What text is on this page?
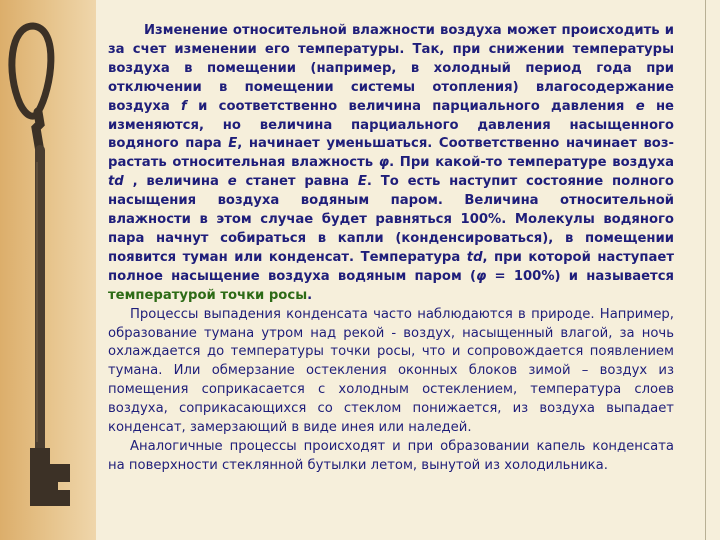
Изменение относительной влажности воздуха может происходить и за счет изменении его температуры. Так, при снижении температуры воздуха в помещении (например, в холодный период года при отключении в помещении системы отопления) влагосодержание воздуха f и соответственно величина парциального давления e не изменяются, но величина парциального давления насыщенного водяного пара E, начинает уменьшаться. Соответственно начинает воз-растать относительная влажность φ. При какой-то температуре воздуха td , величина e станет равна E. То есть наступит состояние полного насыщения воздуха водяным паром. Величина относительной влажности в этом случае будет равняться 100%. Молекулы водяного пара начнут собираться в капли (конденсироваться), в помещении появится туман или конденсат. Температура td, при которой наступает полное насыщение воздуха водяным паром (φ = 100%) и называется температурой точки росы.

Процессы выпадения конденсата часто наблюдаются в природе. Например, образование тумана утром над рекой - воздух, насыщенный влагой, за ночь охлаждается до температуры точки росы, что и сопровождается появлением тумана. Или обмерзание остекления оконных блоков зимой – воздух из помещения соприкасается с холодным остеклением, температура слоев воздуха, соприкасающихся со стеклом понижается, из воздуха выпадает конденсат, замерзающий в виде инея или наледей.

Аналогичные процессы происходят и при образовании капель конденсата на поверхности стеклянной бутылки летом, вынутой из холодильника.
